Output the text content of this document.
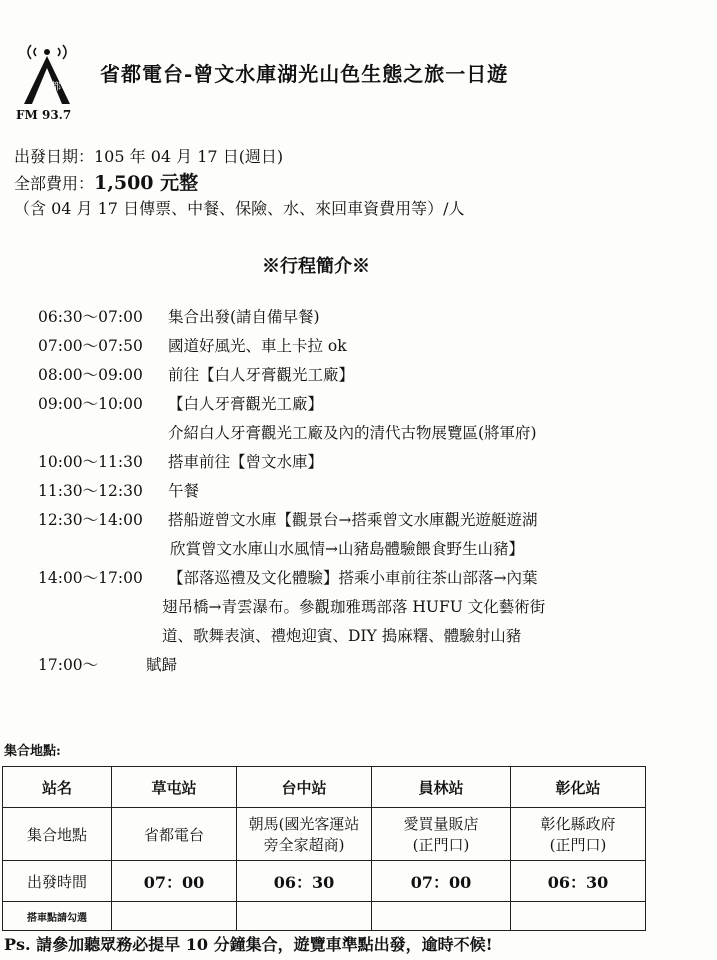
省都
FM 93.7
省都電台-曾文水庫湖光山色生態之旅一日遊
出發日期：105 年 04 月 17 日(週日)
全部費用：1,500 元整
（含 04 月 17 日傳票、中餐、保險、水、來回車資費用等）/人
※行程簡介※
06:30～07:00 集合出發(請自備早餐)
07:00～07:50 國道好風光、車上卡拉 ok
08:00～09:00 前往【白人牙膏觀光工廠】
09:00～10:00 【白人牙膏觀光工廠】
介紹白人牙膏觀光工廠及內的清代古物展覽區(將軍府)
10:00～11:30 搭車前往【曾文水庫】
11:30～12:30 午餐
12:30～14:00 搭船遊曾文水庫【觀景台→搭乘曾文水庫觀光遊艇遊湖
欣賞曾文水庫山水風情→山豬島體驗餵食野生山豬】
14:00～17:00 【部落巡禮及文化體驗】搭乘小車前往茶山部落→內葉
翅吊橋→青雲瀑布。參觀珈雅瑪部落 HUFU 文化藝術街
道、歌舞表演、禮炮迎賓、DIY 搗麻糬、體驗射山豬
17:00～	賦歸
集合地點:
站名	草屯站	台中站	員林站	彰化站
集合地點	省都電台	朝馬(國光客運站旁全家超商)	愛買量販店(正門口)	彰化縣政府(正門口)
出發時間	07：00	06：30	07：00	06：30
搭車點請勾選				
Ps. 請參加聽眾務必提早 10 分鐘集合，遊覽車準點出發，逾時不候!
